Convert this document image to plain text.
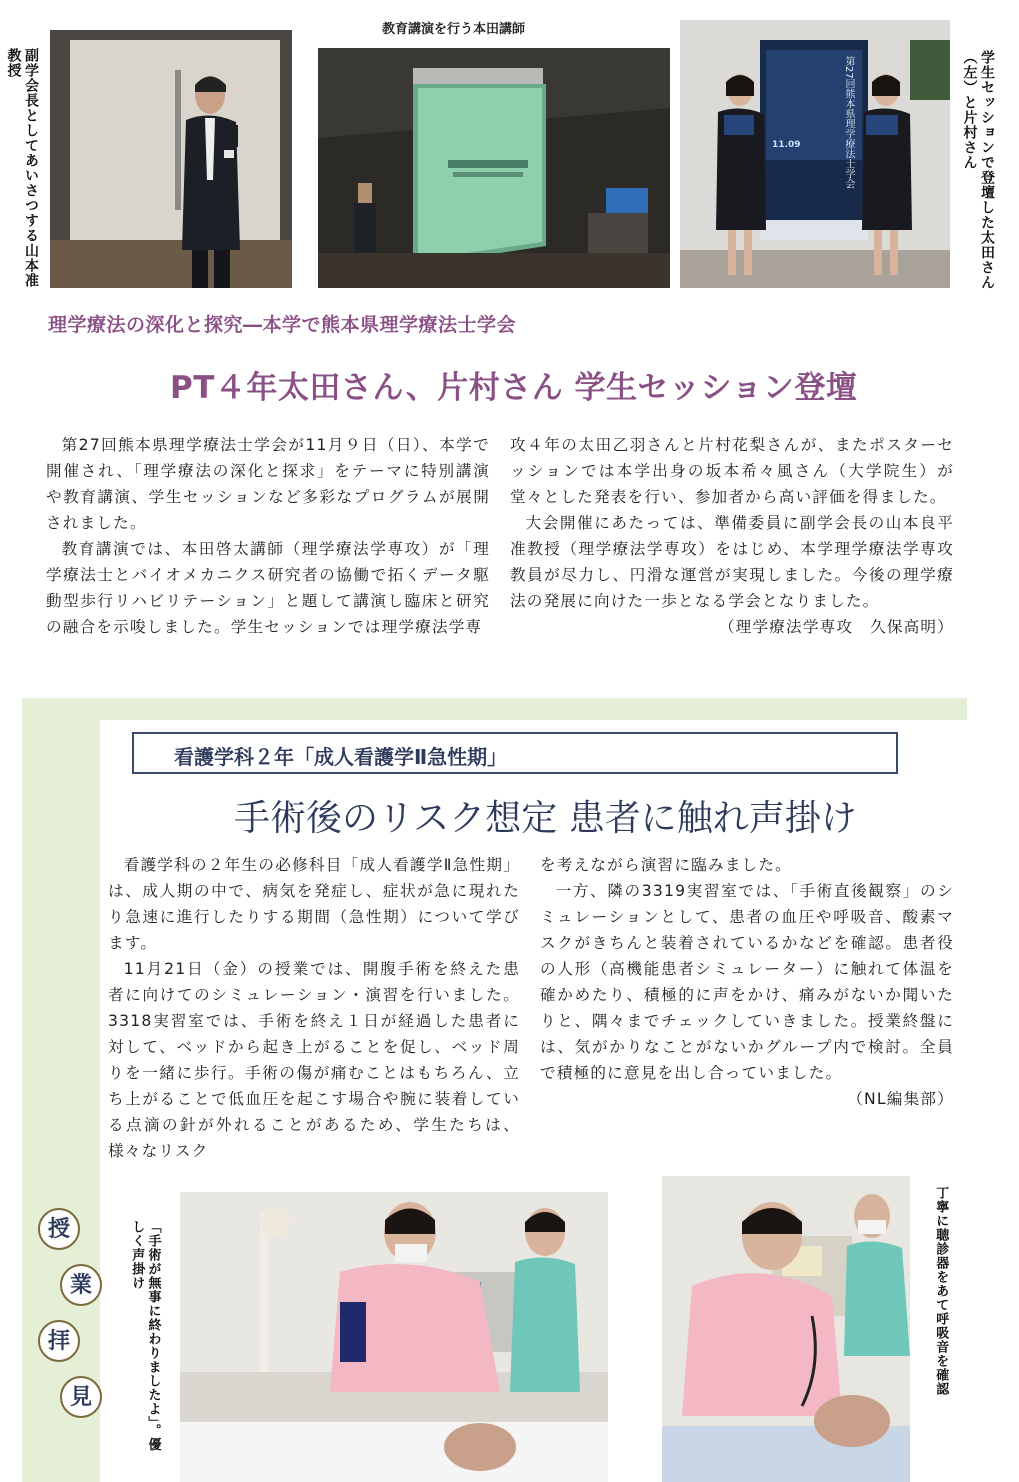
副学会長としてあいさつする山本准教授
教育講演を行う本田講師
11.09	第27回熊本県理学療法士学会	学生セッションで登壇した太田さん（左）と片村さん
理学療法の深化と探究―本学で熊本県理学療法士学会
PT４年太田さん、片村さん 学生セッション登壇

第27回熊本県理学療法士学会が11月９日（日）、本学で開催され、「理学療法の深化と探求」をテーマに特別講演や教育講演、学生セッションなど多彩なプログラムが展開されました。

教育講演では、本田啓太講師（理学療法学専攻）が「理学療法士とバイオメカニクス研究者の協働で拓くデータ駆動型歩行リハビリテーション」と題して講演し臨床と研究の融合を示唆しました。学生セッションでは理学療法学専

攻４年の太田乙羽さんと片村花梨さんが、またポスターセッションでは本学出身の坂本希々風さん（大学院生）が堂々とした発表を行い、参加者から高い評価を得ました。

大会開催にあたっては、準備委員に副学会長の山本良平准教授（理学療法学専攻）をはじめ、本学理学療法学専攻教員が尽力し、円滑な運営が実現しました。今後の理学療法の発展に向けた一歩となる学会となりました。

（理学療法学専攻　久保高明）

看護学科２年「成人看護学Ⅱ急性期」
手術後のリスク想定 患者に触れ声掛け

看護学科の２年生の必修科目「成人看護学Ⅱ急性期」は、成人期の中で、病気を発症し、症状が急に現れたり急速に進行したりする期間（急性期）について学びます。

11月21日（金）の授業では、開腹手術を終えた患者に向けてのシミュレーション・演習を行いました。3318実習室では、手術を終え１日が経過した患者に対して、ベッドから起き上がることを促し、ベッド周りを一緒に歩行。手術の傷が痛むことはもちろん、立ち上がることで低血圧を起こす場合や腕に装着している点滴の針が外れることがあるため、学生たちは、様々なリスク

を考えながら演習に臨みました。

一方、隣の3319実習室では、「手術直後観察」のシミュレーションとして、患者の血圧や呼吸音、酸素マスクがきちんと装着されているかなどを確認。患者役の人形（高機能患者シミュレーター）に触れて体温を確かめたり、積極的に声をかけ、痛みがないか聞いたりと、隅々までチェックしていきました。授業終盤には、気がかりなことがないかグループ内で検討。全員で積極的に意見を出し合っていました。

（NL編集部）

授
業
拝
見	「手術が無事に終わりましたよ」。優しく声掛け	丁寧に聴診器をあて呼吸音を確認
